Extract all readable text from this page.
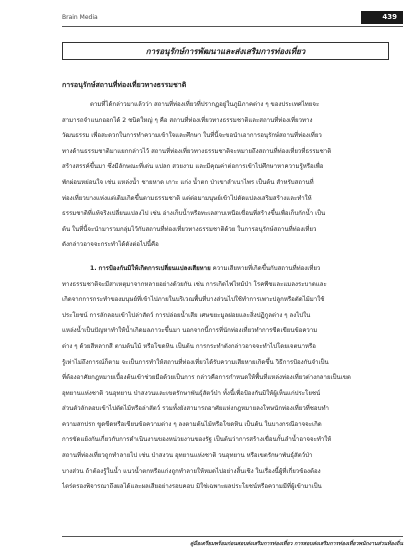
Brain Media	439
การอนุรักษ์การพัฒนาและส่งเสริมการท่องเที่ยว
การอนุรักษ์สถานที่ท่องเที่ยวทางธรรมชาติ
ตามที่ได้กล่าวมาแล้วว่า สถานที่ท่องเที่ยวที่ปรากฏอยู่ในภูมิภาคต่าง ๆ ของประเทศไทยจะ
สามารถจำแนกออกได้ 2 ชนิดใหญ่ ๆ คือ สถานที่ท่องเที่ยวทางธรรมชาติและสถานที่ท่องเที่ยวทาง
วัฒนธรรม เพื่อสะดวกในการทำความเข้าใจและศึกษา ในที่นี้จะขอนำเอาการอนุรักษ์สถานที่ท่องเที่ยว
ทางด้านธรรมชาติมาแยกกล่าวไว้ สถานที่ท่องเที่ยวทางธรรมชาติจะหมายถึงสถานที่ท่องเที่ยวที่ธรรมชาติ
สร้างสรรค์ขึ้นมา ซึ่งมีลักษณะที่เด่น แปลก สวยงาม และมีคุณค่าต่อการเข้าไปศึกษาหาความรู้หรือเพื่อ
พักผ่อนหย่อนใจ เช่น แหล่งน้ำ ชายหาด เกาะ แก่ง น้ำตก ป่าเขาลำเนาไพร เป็นต้น สำหรับสถานที่
ท่องเที่ยวบางแห่งแต่เดิมเกิดขึ้นตามธรรมชาติ แต่ต่อมามนุษย์เข้าไปดัดแปลงเสริมสร้างและทำให้
ธรรมชาติที่แท้จริงเปลี่ยนแปลงไป เช่น อ่างเก็บน้ำหรือทะเลสาบเหนือเขื่อนที่สร้างขึ้นเพื่อเก็บกักน้ำ เป็น
ต้น ในที่นี้จะนำมารวมกลุ่มไว้กับสถานที่ท่องเที่ยวทางธรรมชาติด้วย ในการอนุรักษ์สถานที่ท่องเที่ยว
ดังกล่าวอาจจะกระทำได้ดังต่อไปนี้คือ
1. การป้องกันมิให้เกิดการเปลี่ยนแปลงเสียหาย ความเสียหายที่เกิดขึ้นกับสถานที่ท่องเที่ยว
ทางธรรมชาติจะมีสาเหตุมาจากหลายอย่างด้วยกัน เช่น การเกิดไฟไหม้ป่า โรคพืชและแมลงระบาดและ
เกิดจากการกระทำของมนุษย์ที่เข้าไปภายในบริเวณพื้นที่บางส่วนไปใช้ทำการเพาะปลูกหรือตัดไม้มาใช้
ประโยชน์ การลักลอบเข้าไปล่าสัตว์ การปล่อยน้ำเสีย เศษขยะมูลฝอยและสิ่งปฏิกูลต่าง ๆ ลงไปใน
แหล่งน้ำเป็นปัญหาทำให้น้ำเกิดมลภาวะขึ้นมา นอกจากนี้การที่นักท่องเที่ยวทำการขีดเขียนข้อความ
ต่าง ๆ ด้วยสีหลากสี ตามต้นไม้ หรือโขดหิน เป็นต้น การกระทำดังกล่าวอาจจะทำไปโดยเจตนาหรือ
รู้เท่าไม่ถึงการณ์ก็ตาม จะเป็นการทำให้สถานที่ท่องเที่ยวได้รับความเสียหายเกิดขึ้น วิธีการป้องกันจำเป็น
ที่ต้องอาศัยกฎหมายเบื้องต้นเข้าช่วยมือด้วยเป็นการ กล่าวคือการกำหนดให้พื้นที่แหล่งท่องเที่ยวต่างกลายเป็นเขต
อุทยานแห่งชาติ วนอุทยาน ป่าสงวนและเขตรักษาพันธุ์สัตว์ป่า ทั้งนี้เพื่อป้องกันมิให้ผู้เห็นแก่ประโยชน์
ส่วนตัวลักลอบเข้าไปตัดไม้หรือล่าสัตว์ รวมทั้งยังสามารถอาศัยแห่งกฎหมายลงโทษนักท่องเที่ยวที่ชอบทำ
ความสกปรก ขูดขีดหรือเขียนข้อความต่าง ๆ ลงตามต้นไม้หรือโขดหิน เป็นต้น ในบางกรณีอาจจะเกิด
การขัดแย้งกันเกี่ยวกับการดำเนินงานของหน่วยงานของรัฐ เป็นต้นว่าการสร้างเขื่อนกั้นลำน้ำอาจจะทำให้
สถานที่ท่องเที่ยวถูกทำลายไป เช่น ป่าสงวน อุทยานแห่งชาติ วนอุทยาน หรือเขตรักษาพันธุ์สัตว์ป่า
บางส่วน ถ้าต้องรู้ในน้ำ แนวน้ำตกหรือแก่งถูกทำลายให้หมดไปอย่างสิ้นเชิง ในเรื่องนี้ผู้ที่เกี่ยวข้องต้อง
ไตร่ตรองพิจารณาถึงผลได้และผลเสียอย่างรอบคอบ มิใช่เฉพาะผลประโยชน์หรือความมีที่ผู้เข้ามาเป็น
คู่มือเตรียมพร้อมก่อนสอบส่งเสริมการท่องเที่ยว การสอบส่งเสริมการท่องเที่ยวพนักงานส่วนท้องถิ่น
